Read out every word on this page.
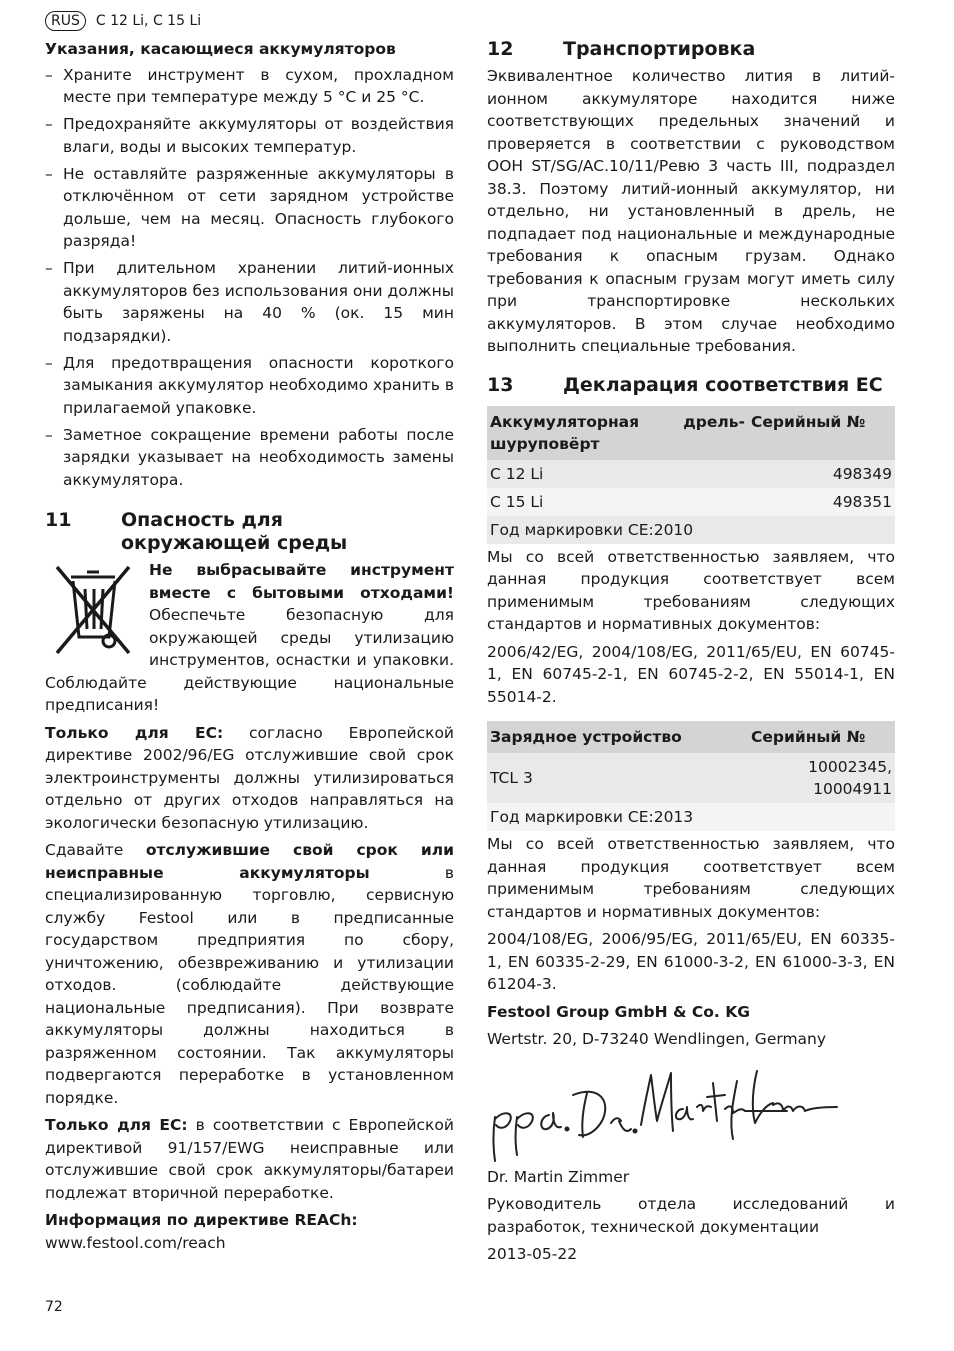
RUS	C 12 Li, C 15 Li
Указания, касающиеся аккумуляторов
– Храните инструмент в сухом, прохладном месте при температуре между 5 °C и 25 °C.
– Предохраняйте аккумуляторы от воздействия влаги, воды и высоких температур.
– Не оставляйте разряженные аккумуляторы в отключённом от сети зарядном устройстве дольше, чем на месяц. Опасность глубокого разряда!
– При длительном хранении литий-ионных аккумуляторов без использования они должны быть заряжены на 40 % (ок. 15 мин подзарядки).
– Для предотвращения опасности короткого замыкания аккумулятор необходимо хранить в прилагаемой упаковке.
– Заметное сокращение времени работы после зарядки указывает на необходимость замены аккумулятора.
11	Опасность для окружающей среды

Не выбрасывайте инструмент вместе с бытовыми отходами! Обеспечьте безопасную для окружающей среды утилизацию инструментов, оснастки и упаковки. Соблюдайте действующие национальные предписания!

Только для ЕС: согласно Европейской директиве 2002/96/EG отслужившие свой срок электроинструменты должны утилизироваться отдельно от других отходов направляться на экологически безопасную утилизацию.

Сдавайте отслужившие свой срок или неисправные аккумуляторы	в специализированную торговлю, сервисную службу Festool или в предписанные государством предприятия по сбору, уничтожению, обезвреживанию и утилизации отходов. (соблюдайте действующие национальные предписания). При возврате аккумуляторы должны находиться в разряженном состоянии. Так аккумуляторы подвергаются переработке в установленном порядке.

Только для ЕС: в соответствии с Европейской директивой 91/157/EWG неисправные или отслужившие свой срок аккумуляторы/батареи подлежат вторичной переработке.

Информация по директиве REACh:
www.festool.com/reach

12	Транспортировка

Эквивалентное количество лития в литий-ионном аккумуляторе находится ниже соответствующих предельных значений и проверяется в соответствии с руководством ООН ST/SG/AC.10/11/Ревю 3 часть III, подраздел 38.3. Поэтому литий-ионный аккумулятор, ни отдельно, ни установленный в дрель, не подпадает под национальные и международные требования к опасным грузам. Однако требования к опасным грузам могут иметь силу при транспортировке нескольких аккумуляторов. В этом случае необходимо выполнить специальные требования.

13	Декларация соответствия ЕС
Аккумуляторная дрель-шуруповёрт	Серийный №
C 12 Li	498349
C 15 Li	498351
Год маркировки CE:2010	

Мы со всей ответственностью заявляем, что данная продукция соответствует всем применимым требованиям следующих стандартов и нормативных документов:

2006/42/EG, 2004/108/EG, 2011/65/EU, EN 60745-1, EN 60745-2-1, EN 60745-2-2, EN 55014-1, EN 55014-2.

Зарядное устройство	Серийный №
TCL 3	10002345, 10004911
Год маркировки CE:2013	

Мы со всей ответственностью заявляем, что данная продукция соответствует всем применимым требованиям следующих стандартов и нормативных документов:

2004/108/EG, 2006/95/EG, 2011/65/EU, EN 60335-1, EN 60335-2-29, EN 61000-3-2, EN 61000-3-3, EN 61204-3.

Festool Group GmbH & Co. KG

Wertstr. 20, D-73240 Wendlingen, Germany

Dr. Martin Zimmer

Руководитель отдела исследований и разработок, технической документации

2013-05-22

72
